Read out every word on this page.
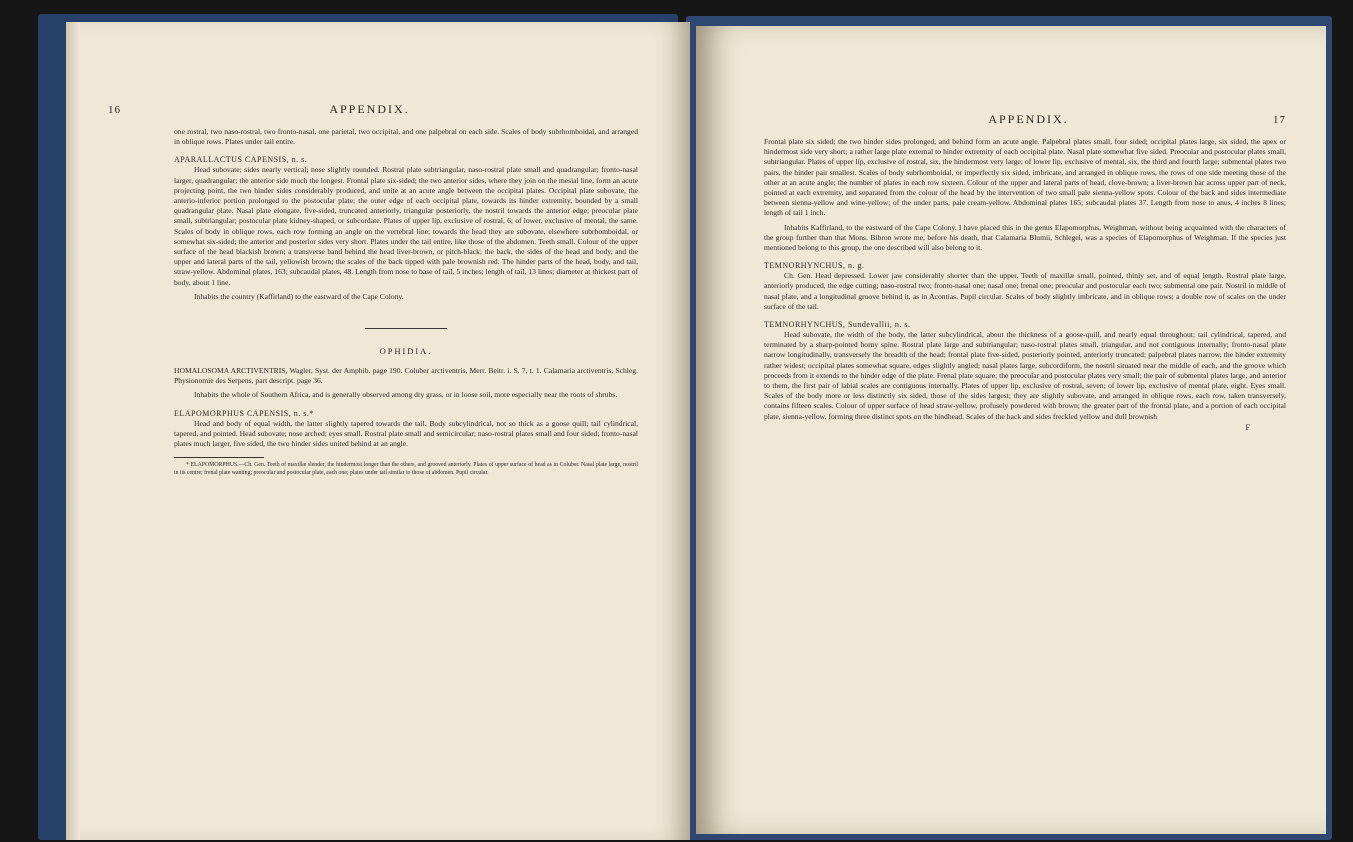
16	APPENDIX.

one rostral, two naso-rostral, two fronto-nasal, one parietal, two occipital, and one palpebral on each side. Scales of body subrhomboidal, and arranged in oblique rows. Plates under tail entire.

APARALLACTUS CAPENSIS, n. s.

Head subovate; sides nearly vertical; nose slightly rounded. Rostral plate subtriangular, naso-rostral plate small and quadrangular; fronto-nasal larger, quadrangular; the anterior side much the longest. Frontal plate six-sided; the two anterior sides, where they join on the mesial line, form an acute projecting point, the two hinder sides considerably produced, and unite at an acute angle between the occipital plates. Occipital plate subovate, the anterio-inferior portion prolonged to the postocular plate; the outer edge of each occipital plate, towards its hinder extremity, bounded by a small quadrangular plate. Nasal plate elongate, five-sided, truncated anteriorly, triangular posteriorly, the nostril towards the anterior edge; preocular plate small, subtriangular; postocular plate kidney-shaped, or subcordate. Plates of upper lip, exclusive of rostral, 6; of lower, exclusive of mental, the same. Scales of body in oblique rows, each row forming an angle on the vertebral line; towards the head they are subovate, elsewhere subrhomboidal, or somewhat six-sided; the anterior and posterior sides very short. Plates under the tail entire, like those of the abdomen. Teeth small. Colour of the upper surface of the head blackish brown; a transverse band behind the head liver-brown, or pitch-black; the back, the sides of the head and body, and the upper and lateral parts of the tail, yellowish brown; the scales of the back tipped with pale brownish red. The hinder parts of the head, body, and tail, straw-yellow. Abdominal plates, 163; subcaudal plates, 48. Length from nose to base of tail, 5 inches; length of tail, 13 lines; diameter at thickest part of body, about 1 line.

Inhabits the country (Kaffirland) to the eastward of the Cape Colony.

OPHIDIA.

HOMALOSOMA ARCTIVENTRIS, Wagler, Syst. der Amphib. page 190. Coluber arctiventris, Merr. Beitr. i. S. 7, t. 1. Calamaria arctiventris, Schleg. Physionomie des Serpens, part descript. page 36.

Inhabits the whole of Southern Africa, and is generally observed among dry grass, or in loose soil, more especially near the roots of shrubs.

ELAPOMORPHUS CAPENSIS, n. s.*

Head and body of equal width, the latter slightly tapered towards the tail. Body subcylindrical, not so thick as a goose quill; tail cylindrical, tapered, and pointed. Head subovate; nose arched; eyes small. Rostral plate small and semicircular; naso-rostral plates small and four sided; fronto-nasal plates much larger, five sided, the two hinder sides united behind at an angle.

* ELAPOMORPHUS.—Ch. Gen. Teeth of maxillæ slender, the hindermost longer than the others, and grooved anteriorly. Plates of upper surface of head as in Coluber. Nasal plate large, nostril in its centre; frenal plate wanting; preocular and postocular plate, each one; plates under tail similar to those of abdomen. Pupil circular.

APPENDIX.	17

Frontal plate six sided; the two hinder sides prolonged, and behind form an acute angle. Palpebral plates small, four sided; occipital plates large, six sided, the apex or hindermost side very short; a rather large plate external to hinder extremity of each occipital plate. Nasal plate somewhat five sided. Preocular and postocular plates small, subtriangular. Plates of upper lip, exclusive of rostral, six, the hindermost very large; of lower lip, exclusive of mental, six, the third and fourth large; submental plates two pairs, the hinder pair smallest. Scales of body subrhomboidal, or imperfectly six sided, imbricate, and arranged in oblique rows, the rows of one side meeting those of the other at an acute angle; the number of plates in each row sixteen. Colour of the upper and lateral parts of head, clove-brown; a liver-brown bar across upper part of neck, pointed at each extremity, and separated from the colour of the head by the intervention of two small pale sienna-yellow spots. Colour of the back and sides intermediate between sienna-yellow and wine-yellow; of the under parts, pale cream-yellow. Abdominal plates 165; subcaudal plates 37. Length from nose to anus, 4 inches 8 lines; length of tail 1 inch.

Inhabits Kaffirland, to the eastward of the Cape Colony. I have placed this in the genus Elapomorphus, Weighman, without being acquainted with the characters of the group further than that Mons. Bibron wrote me, before his death, that Calamaria Blumii, Schlegel, was a species of Elapomorphus of Weighman. If the species just mentioned belong to this group, the one described will also belong to it.

TEMNORHYNCHUS, n. g.

Ch. Gen. Head depressed. Lower jaw considerably shorter than the upper. Teeth of maxillæ small, pointed, thinly set, and of equal length. Rostral plate large, anteriorly produced, the edge cutting; naso-rostral two; fronto-nasal one; nasal one; frenal one; preocular and postocular each two; submental one pair. Nostril in middle of nasal plate, and a longitudinal groove behind it, as in Acontias. Pupil circular. Scales of body slightly imbricate, and in oblique rows; a double row of scales on the under surface of the tail.

TEMNORHYNCHUS, Sundevallii, n. s.

Head subovate, the width of the body, the latter subcylindrical, about the thickness of a goose-quill, and nearly equal throughout; tail cylindrical, tapered, and terminated by a sharp-pointed horny spine. Rostral plate large and subtriangular; naso-rostral plates small, triangular, and not contiguous internally; fronto-nasal plate narrow longitudinally, transversely the breadth of the head; frontal plate five-sided, posteriorly pointed, anteriorly truncated; palpebral plates narrow, the hinder extremity rather widest; occipital plates somewhat square, edges slightly angled; nasal plates large, subcordiform, the nostril situated near the middle of each, and the groove which proceeds from it extends to the hinder edge of the plate. Frenal plate square; the preocular and postocular plates very small; the pair of submental plates large, and anterior to them, the first pair of labial scales are contiguous internally. Plates of upper lip, exclusive of rostral, seven; of lower lip, exclusive of mental plate, eight. Eyes small. Scales of the body more or less distinctly six sided, those of the sides largest; they are slightly subovate, and arranged in oblique rows, each row, taken transversely, contains fifteen scales. Colour of upper surface of head straw-yellow, profusely powdered with brown; the greater part of the frontal plate, and a portion of each occipital plate, sienna-yellow, forming three distinct spots on the hindhead. Scales of the back and sides freckled yellow and dull brownish

F
